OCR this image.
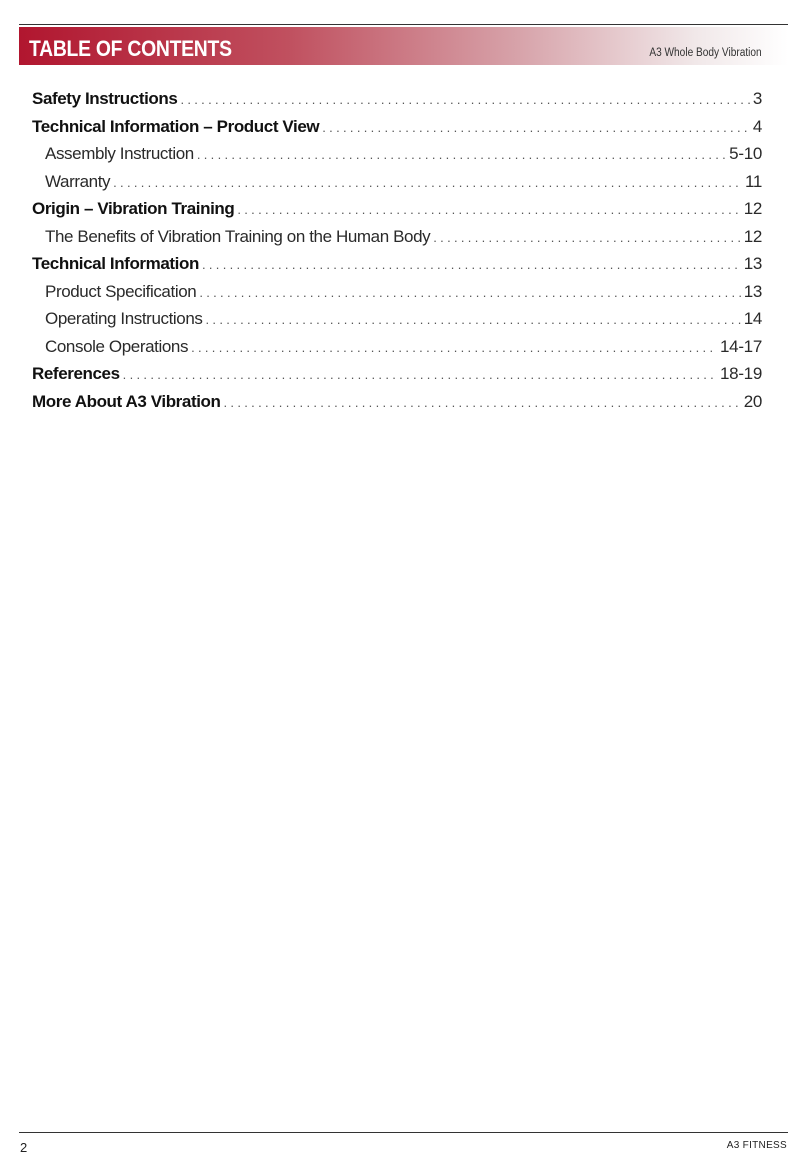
TABLE OF CONTENTS	A3 Whole Body Vibration
Safety Instructions .....	3
Technical Information – Product View .....	4
Assembly Instruction .....	5-10
Warranty .....	11
Origin – Vibration Training .....	12
The Benefits of Vibration Training on the Human Body .....	12
Technical Information .....	13
Product Specification .....	13
Operating Instructions .....	14
Console Operations .....	14-17
References .....	18-19
More About A3 Vibration .....	20
2	A3 FITNESS
